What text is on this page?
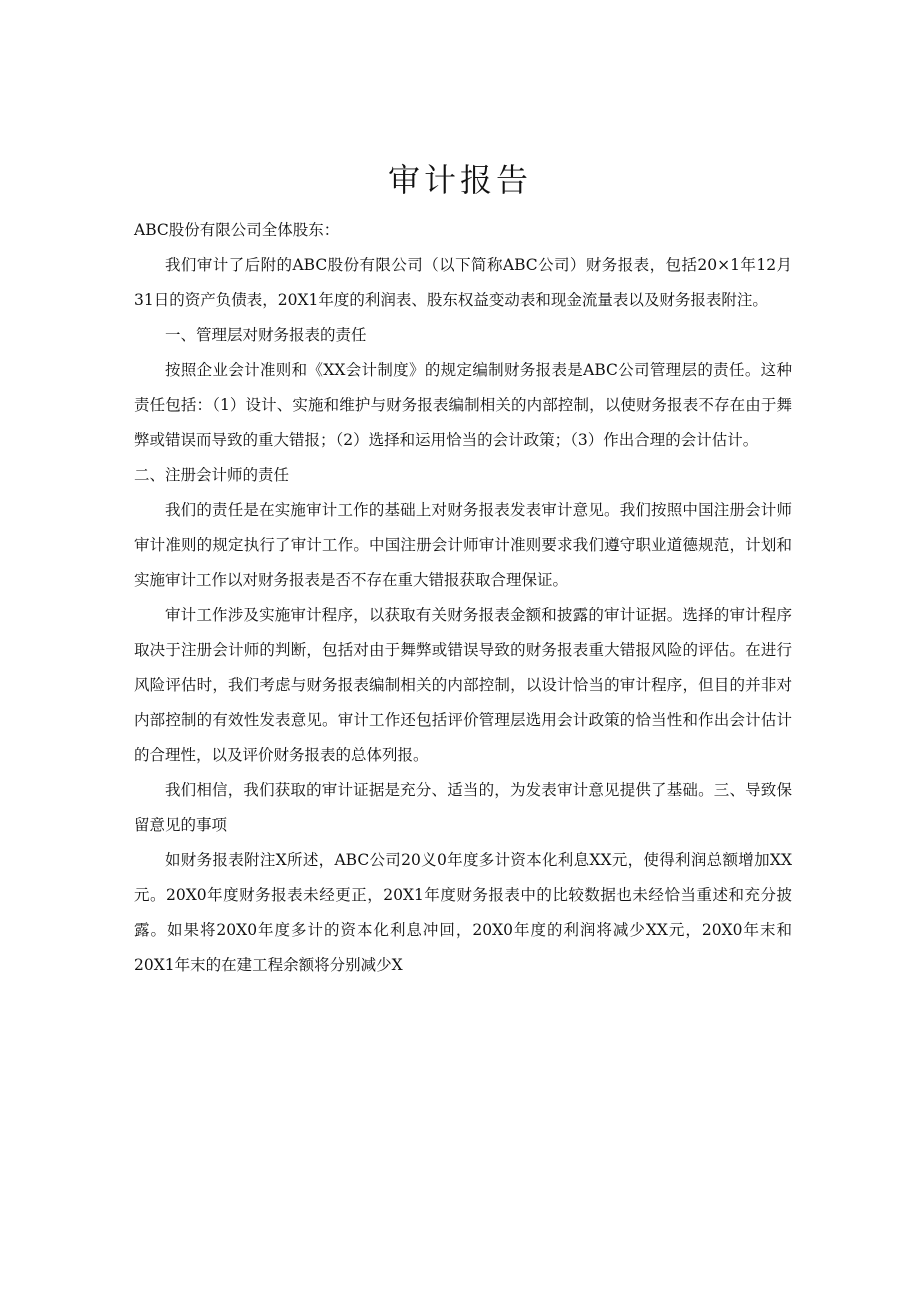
审计报告

ABC股份有限公司全体股东：

我们审计了后附的ABC股份有限公司（以下简称ABC公司）财务报表，包括20×1年12月31日的资产负债表，20X1年度的利润表、股东权益变动表和现金流量表以及财务报表附注。

一、管理层对财务报表的责任

按照企业会计准则和《XX会计制度》的规定编制财务报表是ABC公司管理层的责任。这种责任包括：（1）设计、实施和维护与财务报表编制相关的内部控制，以使财务报表不存在由于舞弊或错误而导致的重大错报；（2）选择和运用恰当的会计政策；（3）作出合理的会计估计。

二、注册会计师的责任

我们的责任是在实施审计工作的基础上对财务报表发表审计意见。我们按照中国注册会计师审计准则的规定执行了审计工作。中国注册会计师审计准则要求我们遵守职业道德规范，计划和实施审计工作以对财务报表是否不存在重大错报获取合理保证。

审计工作涉及实施审计程序，以获取有关财务报表金额和披露的审计证据。选择的审计程序取决于注册会计师的判断，包括对由于舞弊或错误导致的财务报表重大错报风险的评估。在进行风险评估时，我们考虑与财务报表编制相关的内部控制，以设计恰当的审计程序，但目的并非对内部控制的有效性发表意见。审计工作还包括评价管理层选用会计政策的恰当性和作出会计估计的合理性，以及评价财务报表的总体列报。

我们相信，我们获取的审计证据是充分、适当的，为发表审计意见提供了基础。三、导致保留意见的事项

如财务报表附注X所述，ABC公司20义0年度多计资本化利息XX元，使得利润总额增加XX元。20X0年度财务报表未经更正，20X1年度财务报表中的比较数据也未经恰当重述和充分披露。如果将20X0年度多计的资本化利息冲回，20X0年度的利润将减少XX元，20X0年末和20X1年末的在建工程余额将分别减少X
